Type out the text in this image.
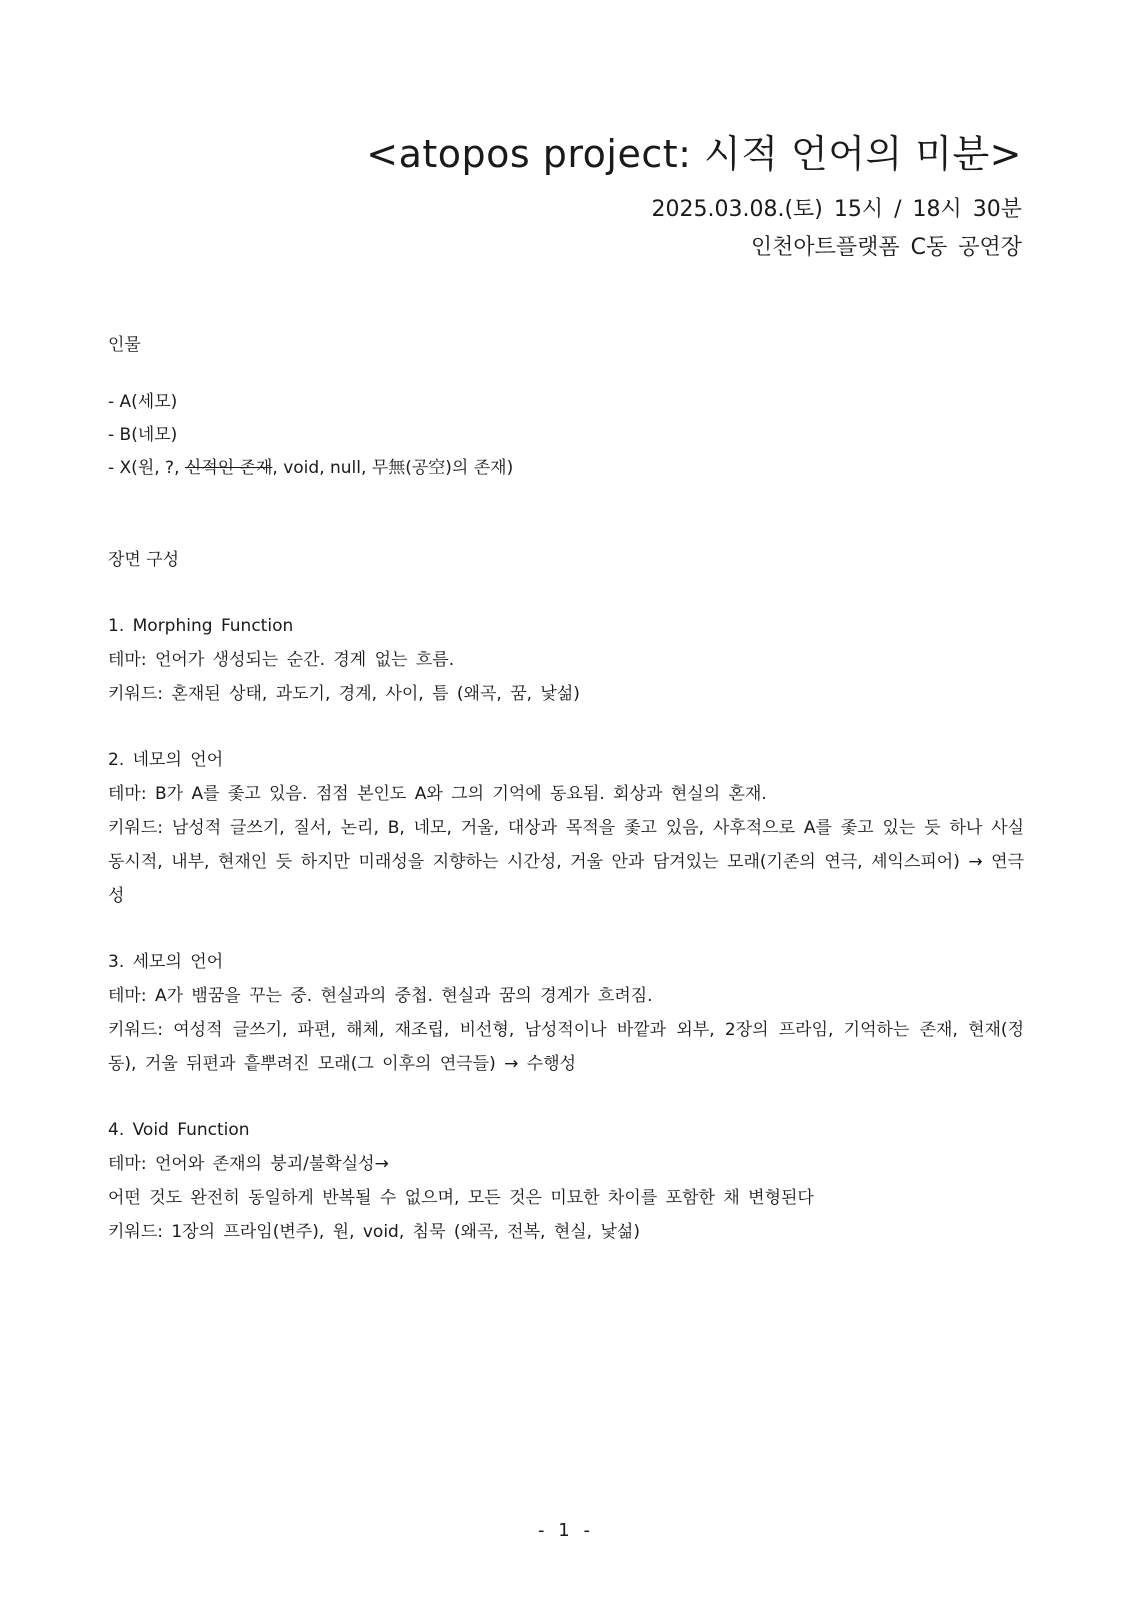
<atopos project: 시적 언어의 미분>
2025.03.08.(토) 15시 / 18시 30분
인천아트플랫폼 C동 공연장
인물
- A(세모)
- B(네모)
- X(원, ?, 신적인 존재, void, null, 무無(공空)의 존재)
장면 구성

1. Morphing Function

테마: 언어가 생성되는 순간. 경계 없는 흐름.

키워드: 혼재된 상태, 과도기, 경계, 사이, 틈 (왜곡, 꿈, 낯섦)

2. 네모의 언어

테마: B가 A를 좇고 있음. 점점 본인도 A와 그의 기억에 동요됨. 회상과 현실의 혼재.

키워드: 남성적 글쓰기, 질서, 논리, B, 네모, 거울, 대상과 목적을 좇고 있음, 사후적으로 A를 좇고 있는 듯 하나 사실 동시적, 내부, 현재인 듯 하지만 미래성을 지향하는 시간성, 거울 안과 담겨있는 모래(기존의 연극, 셰익스피어) → 연극성

3. 세모의 언어

테마: A가 뱀꿈을 꾸는 중. 현실과의 중첩. 현실과 꿈의 경계가 흐려짐.

키워드: 여성적 글쓰기, 파편, 해체, 재조립, 비선형, 남성적이나 바깥과 외부, 2장의 프라임, 기억하는 존재, 현재(정동), 거울 뒤편과 흩뿌려진 모래(그 이후의 연극들) → 수행성

4. Void Function

테마: 언어와 존재의 붕괴/불확실성→

어떤 것도 완전히 동일하게 반복될 수 없으며, 모든 것은 미묘한 차이를 포함한 채 변형된다

키워드: 1장의 프라임(변주), 원, void, 침묵 (왜곡, 전복, 현실, 낯섦)

- 1 -
